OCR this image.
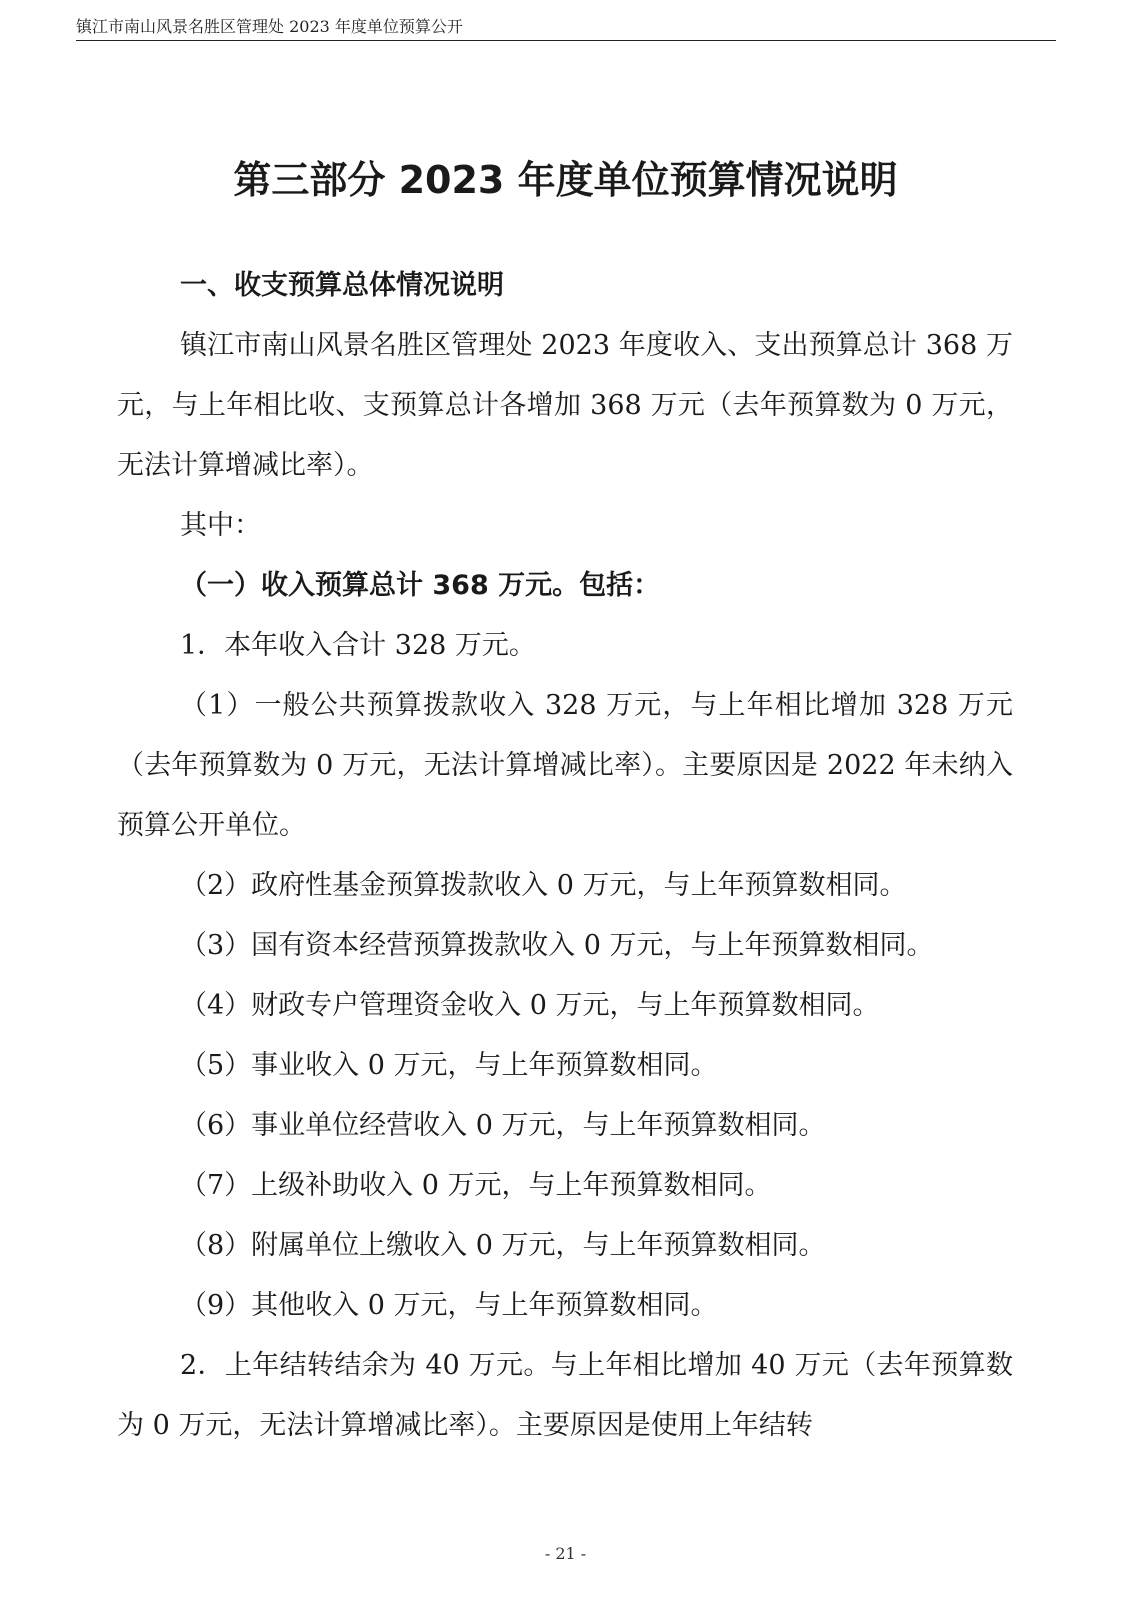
镇江市南山风景名胜区管理处 2023 年度单位预算公开
第三部分 2023 年度单位预算情况说明

一、收支预算总体情况说明

镇江市南山风景名胜区管理处 2023 年度收入、支出预算总计 368 万元，与上年相比收、支预算总计各增加 368 万元（去年预算数为 0 万元，无法计算增减比率）。

其中：

（一）收入预算总计 368 万元。包括：

1．本年收入合计 328 万元。

（1）一般公共预算拨款收入 328 万元，与上年相比增加 328 万元（去年预算数为 0 万元，无法计算增减比率）。主要原因是 2022 年未纳入预算公开单位。

（2）政府性基金预算拨款收入 0 万元，与上年预算数相同。

（3）国有资本经营预算拨款收入 0 万元，与上年预算数相同。

（4）财政专户管理资金收入 0 万元，与上年预算数相同。

（5）事业收入 0 万元，与上年预算数相同。

（6）事业单位经营收入 0 万元，与上年预算数相同。

（7）上级补助收入 0 万元，与上年预算数相同。

（8）附属单位上缴收入 0 万元，与上年预算数相同。

（9）其他收入 0 万元，与上年预算数相同。

2．上年结转结余为 40 万元。与上年相比增加 40 万元（去年预算数为 0 万元，无法计算增减比率）。主要原因是使用上年结转

- 21 -
